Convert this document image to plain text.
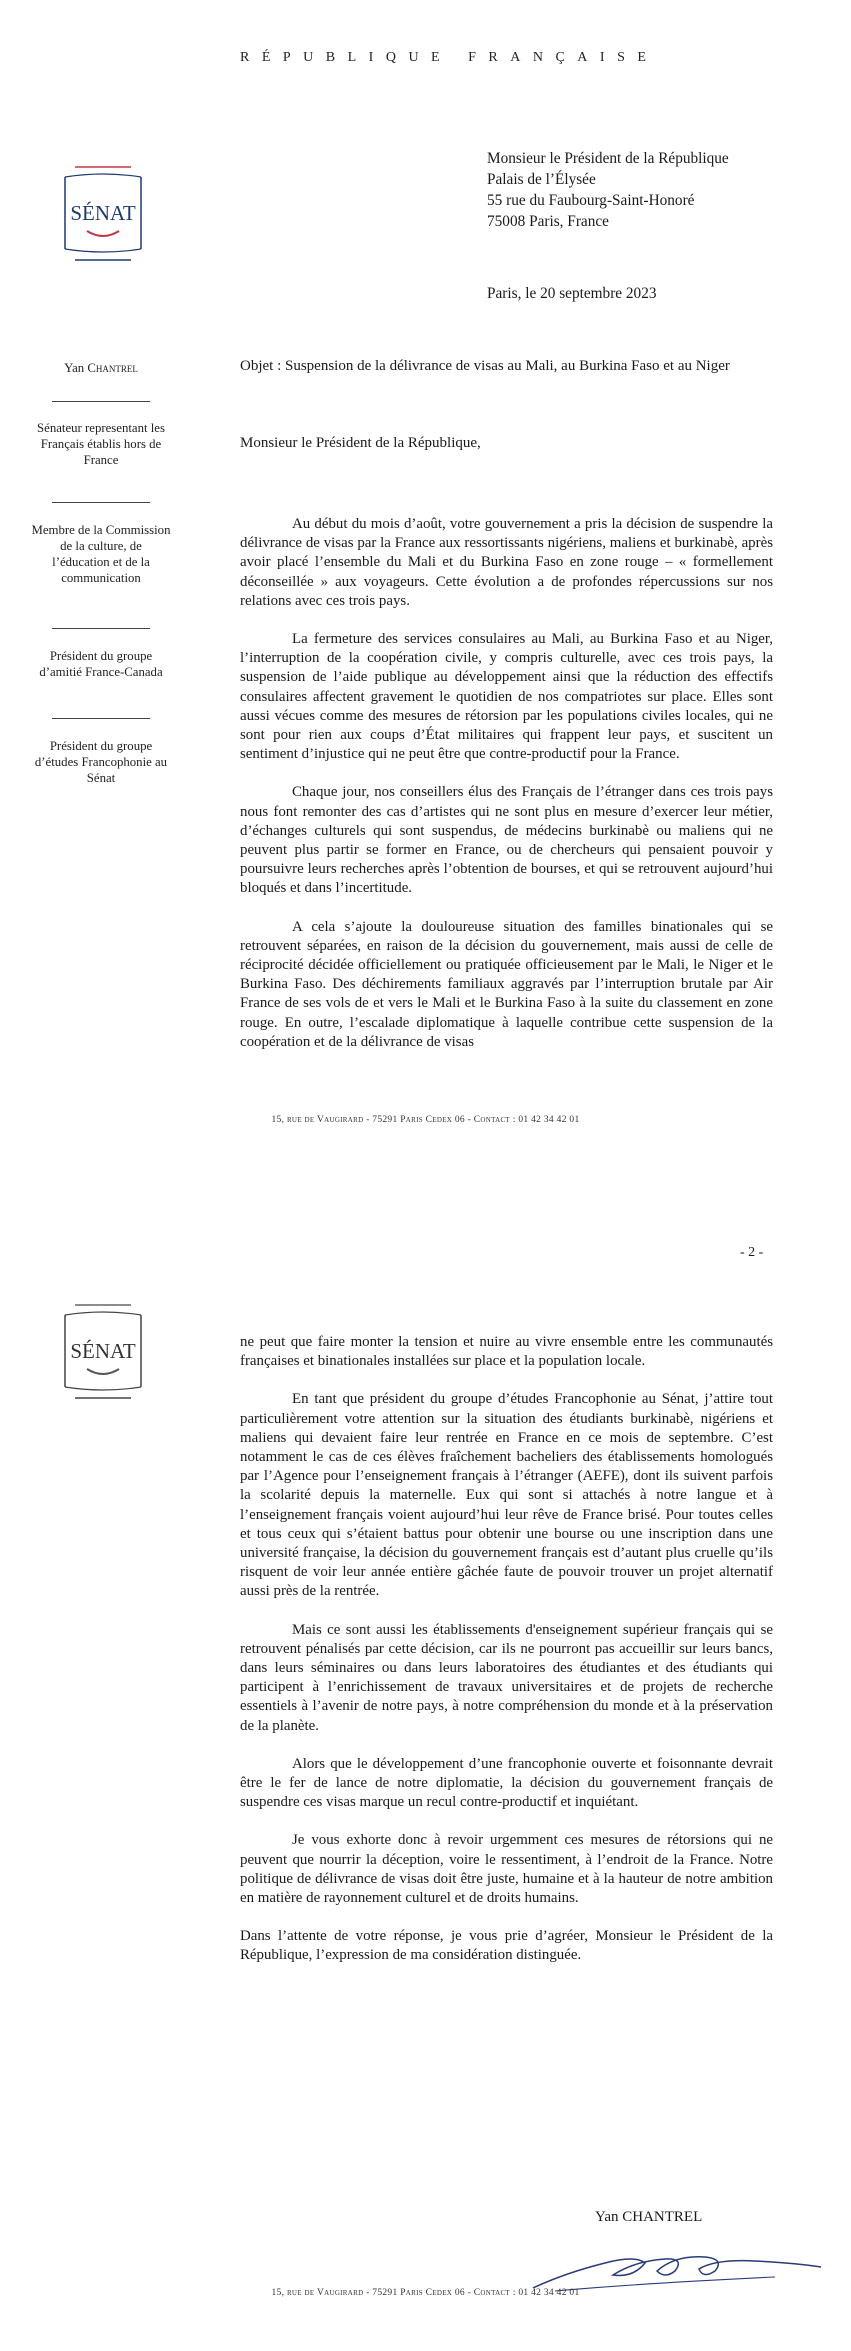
RÉPUBLIQUE FRANÇAISE
SÉNAT
Monsieur le Président de la République
Palais de l’Élysée
55 rue du Faubourg-Saint-Honoré
75008 Paris, France
Paris, le 20 septembre 2023
Yan Chantrel
Sénateur representant les Français établis hors de France
Membre de la Commission de la culture, de l’éducation et de la communication
Président du groupe d’amitié France-Canada
Président du groupe d’études Francophonie au Sénat
Objet : Suspension de la délivrance de visas au Mali, au Burkina Faso et au Niger
Monsieur le Président de la République,

Au début du mois d’août, votre gouvernement a pris la décision de suspendre la délivrance de visas par la France aux ressortissants nigériens, maliens et burkinabè, après avoir placé l’ensemble du Mali et du Burkina Faso en zone rouge – « formellement déconseillée » aux voyageurs. Cette évolution a de profondes répercussions sur nos relations avec ces trois pays.

La fermeture des services consulaires au Mali, au Burkina Faso et au Niger, l’interruption de la coopération civile, y compris culturelle, avec ces trois pays, la suspension de l’aide publique au développement ainsi que la réduction des effectifs consulaires affectent gravement le quotidien de nos compatriotes sur place. Elles sont aussi vécues comme des mesures de rétorsion par les populations civiles locales, qui ne sont pour rien aux coups d’État militaires qui frappent leur pays, et suscitent un sentiment d’injustice qui ne peut être que contre-productif pour la France.

Chaque jour, nos conseillers élus des Français de l’étranger dans ces trois pays nous font remonter des cas d’artistes qui ne sont plus en mesure d’exercer leur métier, d’échanges culturels qui sont suspendus, de médecins burkinabè ou maliens qui ne peuvent plus partir se former en France, ou de chercheurs qui pensaient pouvoir y poursuivre leurs recherches après l’obtention de bourses, et qui se retrouvent aujourd’hui bloqués et dans l’incertitude.

A cela s’ajoute la douloureuse situation des familles binationales qui se retrouvent séparées, en raison de la décision du gouvernement, mais aussi de celle de réciprocité décidée officiellement ou pratiquée officieusement par le Mali, le Niger et le Burkina Faso. Des déchirements familiaux aggravés par l’interruption brutale par Air France de ses vols de et vers le Mali et le Burkina Faso à la suite du classement en zone rouge. En outre, l’escalade diplomatique à laquelle contribue cette suspension de la coopération et de la délivrance de visas

15, rue de Vaugirard - 75291 Paris Cedex 06 - Contact : 01 42 34 42 01
- 2 -
SÉNAT	ne peut que faire monter la tension et nuire au vivre ensemble entre les communautés françaises et binationales installées sur place et la population locale.

En tant que président du groupe d’études Francophonie au Sénat, j’attire tout particulièrement votre attention sur la situation des étudiants burkinabè, nigériens et maliens qui devaient faire leur rentrée en France en ce mois de septembre. C’est notamment le cas de ces élèves fraîchement bacheliers des établissements homologués par l’Agence pour l’enseignement français à l’étranger (AEFE), dont ils suivent parfois la scolarité depuis la maternelle. Eux qui sont si attachés à notre langue et à l’enseignement français voient aujourd’hui leur rêve de France brisé. Pour toutes celles et tous ceux qui s’étaient battus pour obtenir une bourse ou une inscription dans une université française, la décision du gouvernement français est d’autant plus cruelle qu’ils risquent de voir leur année entière gâchée faute de pouvoir trouver un projet alternatif aussi près de la rentrée.

Mais ce sont aussi les établissements d'enseignement supérieur français qui se retrouvent pénalisés par cette décision, car ils ne pourront pas accueillir sur leurs bancs, dans leurs séminaires ou dans leurs laboratoires des étudiantes et des étudiants qui participent à l’enrichissement de travaux universitaires et de projets de recherche essentiels à l’avenir de notre pays, à notre compréhension du monde et à la préservation de la planète.

Alors que le développement d’une francophonie ouverte et foisonnante devrait être le fer de lance de notre diplomatie, la décision du gouvernement français de suspendre ces visas marque un recul contre-productif et inquiétant.

Je vous exhorte donc à revoir urgemment ces mesures de rétorsions qui ne peuvent que nourrir la déception, voire le ressentiment, à l’endroit de la France. Notre politique de délivrance de visas doit être juste, humaine et à la hauteur de notre ambition en matière de rayonnement culturel et de droits humains.

Dans l’attente de votre réponse, je vous prie d’agréer, Monsieur le Président de la République, l’expression de ma considération distinguée.

Yan CHANTREL
15, rue de Vaugirard - 75291 Paris Cedex 06 - Contact : 01 42 34 42 01
